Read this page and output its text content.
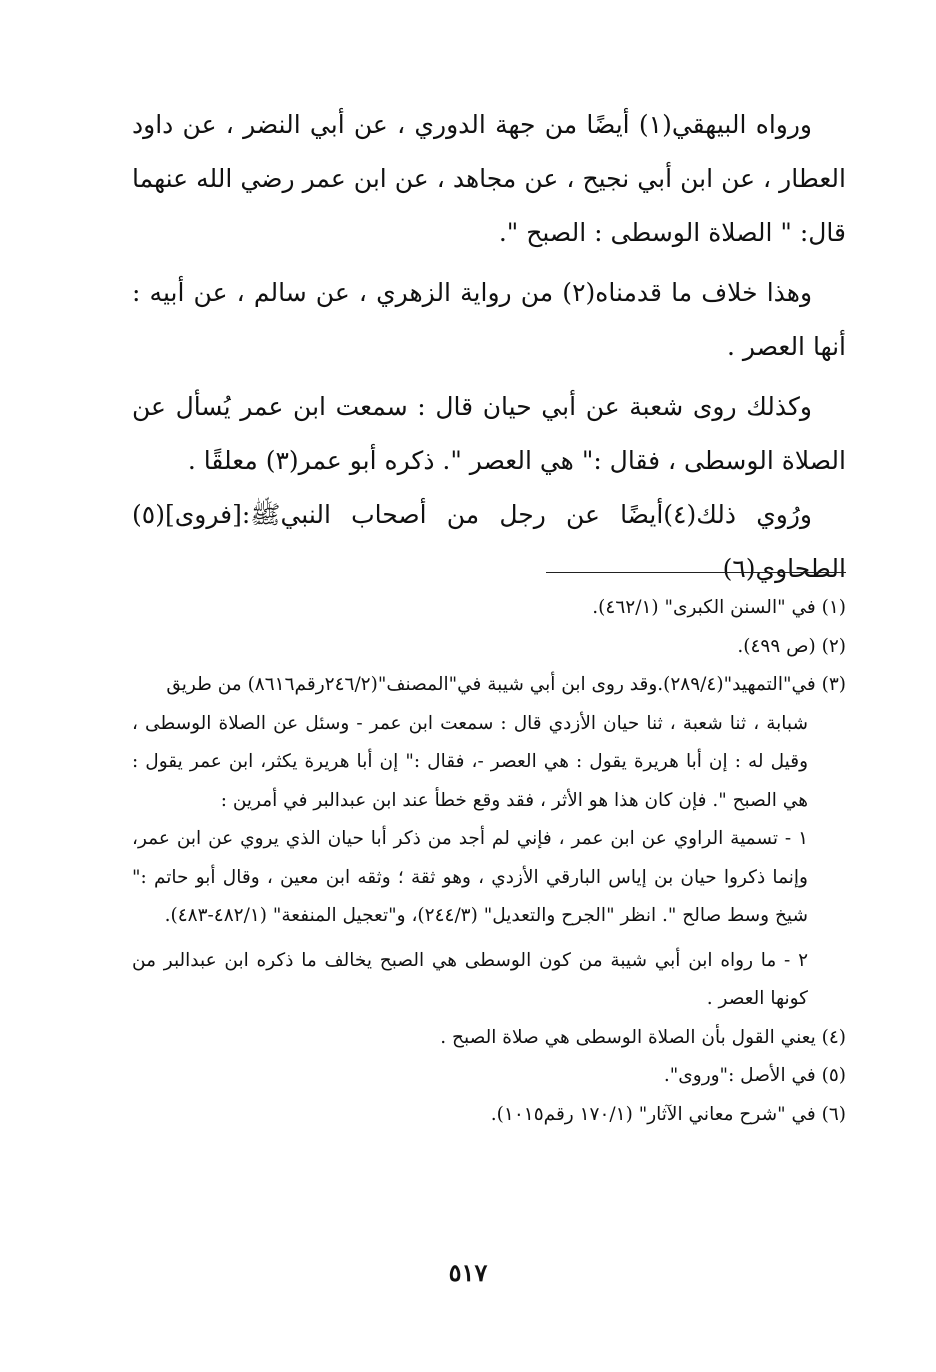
ورواه البيهقي(١) أيضًا من جهة الدوري ، عن أبي النضر ، عن داود العطار ، عن ابن أبي نجيح ، عن مجاهد ، عن ابن عمر رضي الله عنهما قال: " الصلاة الوسطى : الصبح ".

وهذا خلاف ما قدمناه(٢) من رواية الزهري ، عن سالم ، عن أبيه : أنها العصر .

وكذلك روى شعبة عن أبي حيان قال : سمعت ابن عمر يُسأل عن الصلاة الوسطى ، فقال :" هي العصر ". ذكره أبو عمر(٣) معلقًا .

ورُوي ذلك(٤)أيضًا عن رجل من أصحاب النبيﷺ:[فروى](٥) الطحاوي(٦)

(١) في "السنن الكبرى" (٤٦٢/١).

(٢) (ص ٤٩٩).

(٣) في"التمهيد"(٢٨٩/٤).وقد روى ابن أبي شيبة في"المصنف"(٢٤٦/٢رقم٨٦١٦) من طريق

شبابة ، ثنا شعبة ، ثنا حيان الأزدي قال : سمعت ابن عمر - وسئل عن الصلاة الوسطى ، وقيل له : إن أبا هريرة يقول : هي العصر -، فقال :" إن أبا هريرة يكثر، ابن عمر يقول : هي الصبح ". فإن كان هذا هو الأثر ، فقد وقع خطأ عند ابن عبدالبر في أمرين :

١ - تسمية الراوي عن ابن عمر ، فإني لم أجد من ذكر أبا حيان الذي يروي عن ابن عمر، وإنما ذكروا حيان بن إياس البارقي الأزدي ، وهو ثقة ؛ وثقه ابن معين ، وقال أبو حاتم :" شيخ وسط صالح ". انظر "الجرح والتعديل" (٢٤٤/٣)، و"تعجيل المنفعة" (٤٨٢/١-٤٨٣).

٢ - ما رواه ابن أبي شيبة من كون الوسطى هي الصبح يخالف ما ذكره ابن عبدالبر من كونها العصر .

(٤) يعني القول بأن الصلاة الوسطى هي صلاة الصبح .

(٥) في الأصل :"وروى".

(٦) في "شرح معاني الآثار" (١٧٠/١ رقم١٠١٥).

٥١٧
